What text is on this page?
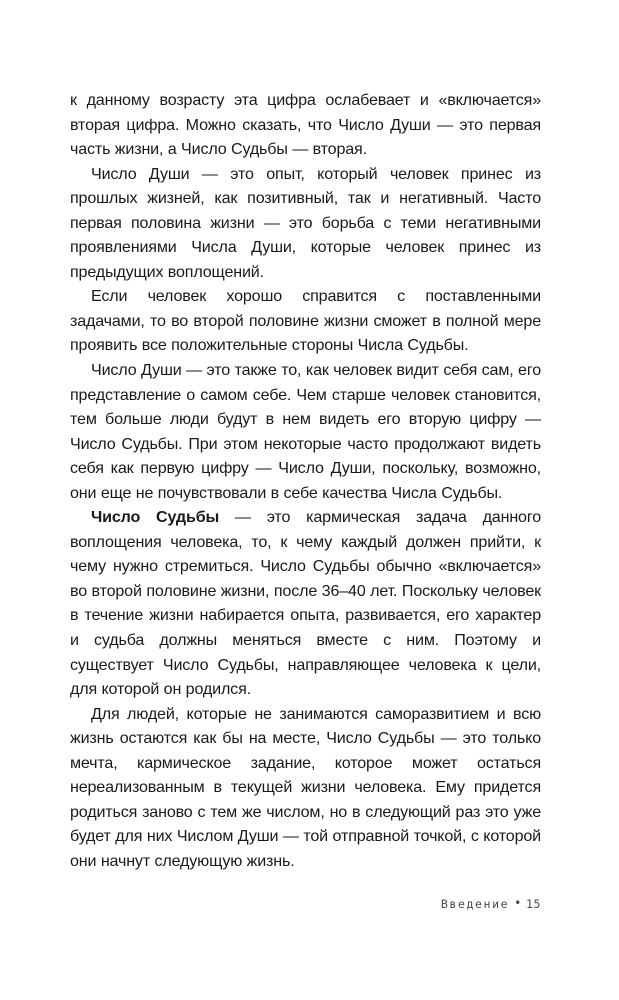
к данному возрасту эта цифра ослабевает и «включается» вторая цифра. Можно сказать, что Число Души — это первая часть жизни, а Число Судьбы — вторая.

Число Души — это опыт, который человек принес из прошлых жизней, как позитивный, так и негативный. Часто первая половина жизни — это борьба с теми негативными проявлениями Числа Души, которые человек принес из предыдущих воплощений.

Если человек хорошо справится с поставленными задачами, то во второй половине жизни сможет в полной мере проявить все положительные стороны Числа Судьбы.

Число Души — это также то, как человек видит себя сам, его представление о самом себе. Чем старше человек становится, тем больше люди будут в нем видеть его вторую цифру — Число Судьбы. При этом некоторые часто продолжают видеть себя как первую цифру — Число Души, поскольку, возможно, они еще не почувствовали в себе качества Числа Судьбы.

Число Судьбы — это кармическая задача данного воплощения человека, то, к чему каждый должен прийти, к чему нужно стремиться. Число Судьбы обычно «включается» во второй половине жизни, после 36–40 лет. Поскольку человек в течение жизни набирается опыта, развивается, его характер и судьба должны меняться вместе с ним. Поэтому и существует Число Судьбы, направляющее человека к цели, для которой он родился.

Для людей, которые не занимаются саморазвитием и всю жизнь остаются как бы на месте, Число Судьбы — это только мечта, кармическое задание, которое может остаться нереализованным в текущей жизни человека. Ему придется родиться заново с тем же числом, но в следующий раз это уже будет для них Числом Души — той отправной точкой, с которой они начнут следующую жизнь.

Введение • 15
